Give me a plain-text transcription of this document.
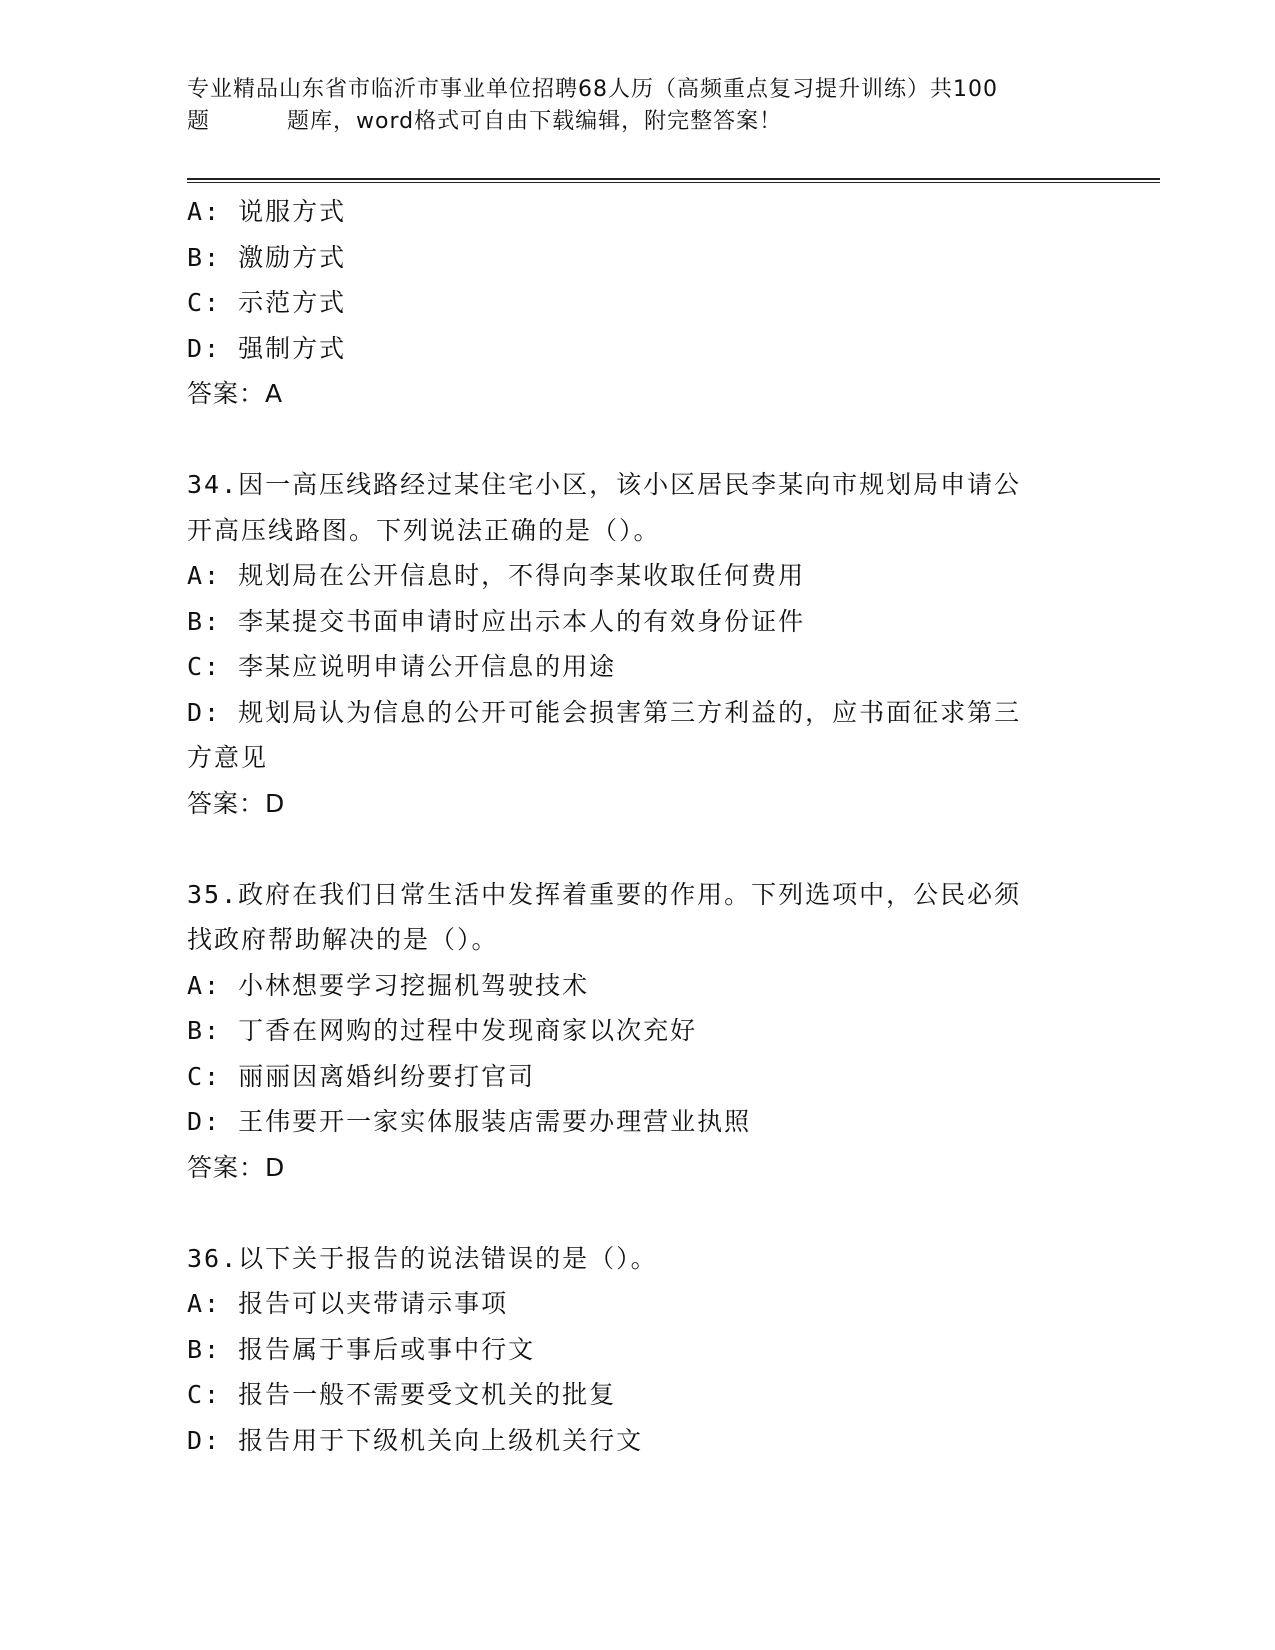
专业精品山东省市临沂市事业单位招聘68人历（高频重点复习提升训练）共100
题	题库，word格式可自由下载编辑，附完整答案！

A: 说服方式

B: 激励方式

C: 示范方式

D: 强制方式

答案：A

34.因一高压线路经过某住宅小区，该小区居民李某向市规划局申请公

开高压线路图。下列说法正确的是（）。

A: 规划局在公开信息时，不得向李某收取任何费用

B: 李某提交书面申请时应出示本人的有效身份证件

C: 李某应说明申请公开信息的用途

D: 规划局认为信息的公开可能会损害第三方利益的，应书面征求第三

方意见

答案：D

35.政府在我们日常生活中发挥着重要的作用。下列选项中，公民必须

找政府帮助解决的是（）。

A: 小林想要学习挖掘机驾驶技术

B: 丁香在网购的过程中发现商家以次充好

C: 丽丽因离婚纠纷要打官司

D: 王伟要开一家实体服装店需要办理营业执照

答案：D

36.以下关于报告的说法错误的是（）。

A: 报告可以夹带请示事项

B: 报告属于事后或事中行文

C: 报告一般不需要受文机关的批复

D: 报告用于下级机关向上级机关行文
